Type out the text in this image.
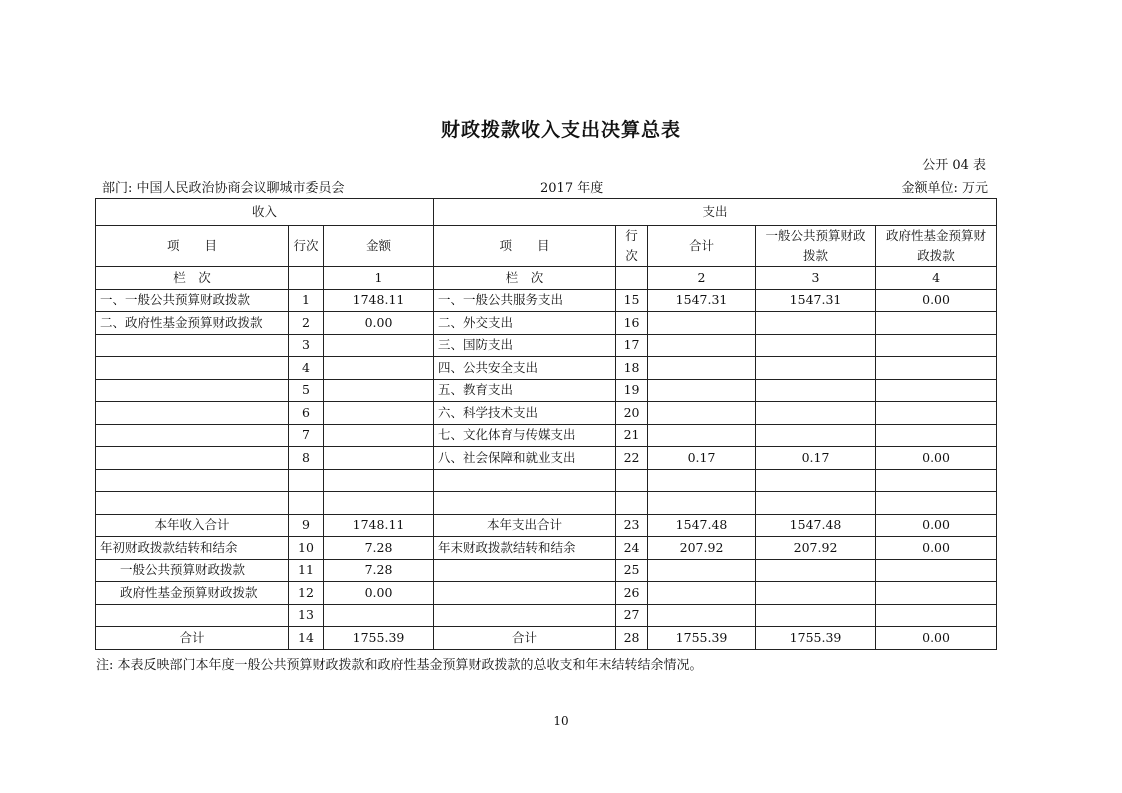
财政拨款收入支出决算总表
公开 04 表
部门: 中国人民政治协商会议聊城市委员会	2017 年度	金额单位: 万元
收入			支出				
项　　目	行次	金额	项　　目	行次	合计	一般公共预算财政拨款	政府性基金预算财政拨款
栏　次		1	栏　次		2	3	4
一、一般公共预算财政拨款	1	1748.11	一、一般公共服务支出	15	1547.31	1547.31	0.00
二、政府性基金预算财政拨款	2	0.00	二、外交支出	16			
	3		三、国防支出	17			
	4		四、公共安全支出	18			
	5		五、教育支出	19			
	6		六、科学技术支出	20			
	7		七、文化体育与传媒支出	21			
	8		八、社会保障和就业支出	22	0.17	0.17	0.00

本年收入合计	9	1748.11	本年支出合计	23	1547.48	1547.48	0.00
年初财政拨款结转和结余	10	7.28	年末财政拨款结转和结余	24	207.92	207.92	0.00
一般公共预算财政拨款	11	7.28		25			
政府性基金预算财政拨款	12	0.00		26			
	13			27			
合计	14	1755.39	合计	28	1755.39	1755.39	0.00
注: 本表反映部门本年度一般公共预算财政拨款和政府性基金预算财政拨款的总收支和年末结转结余情况。
10
